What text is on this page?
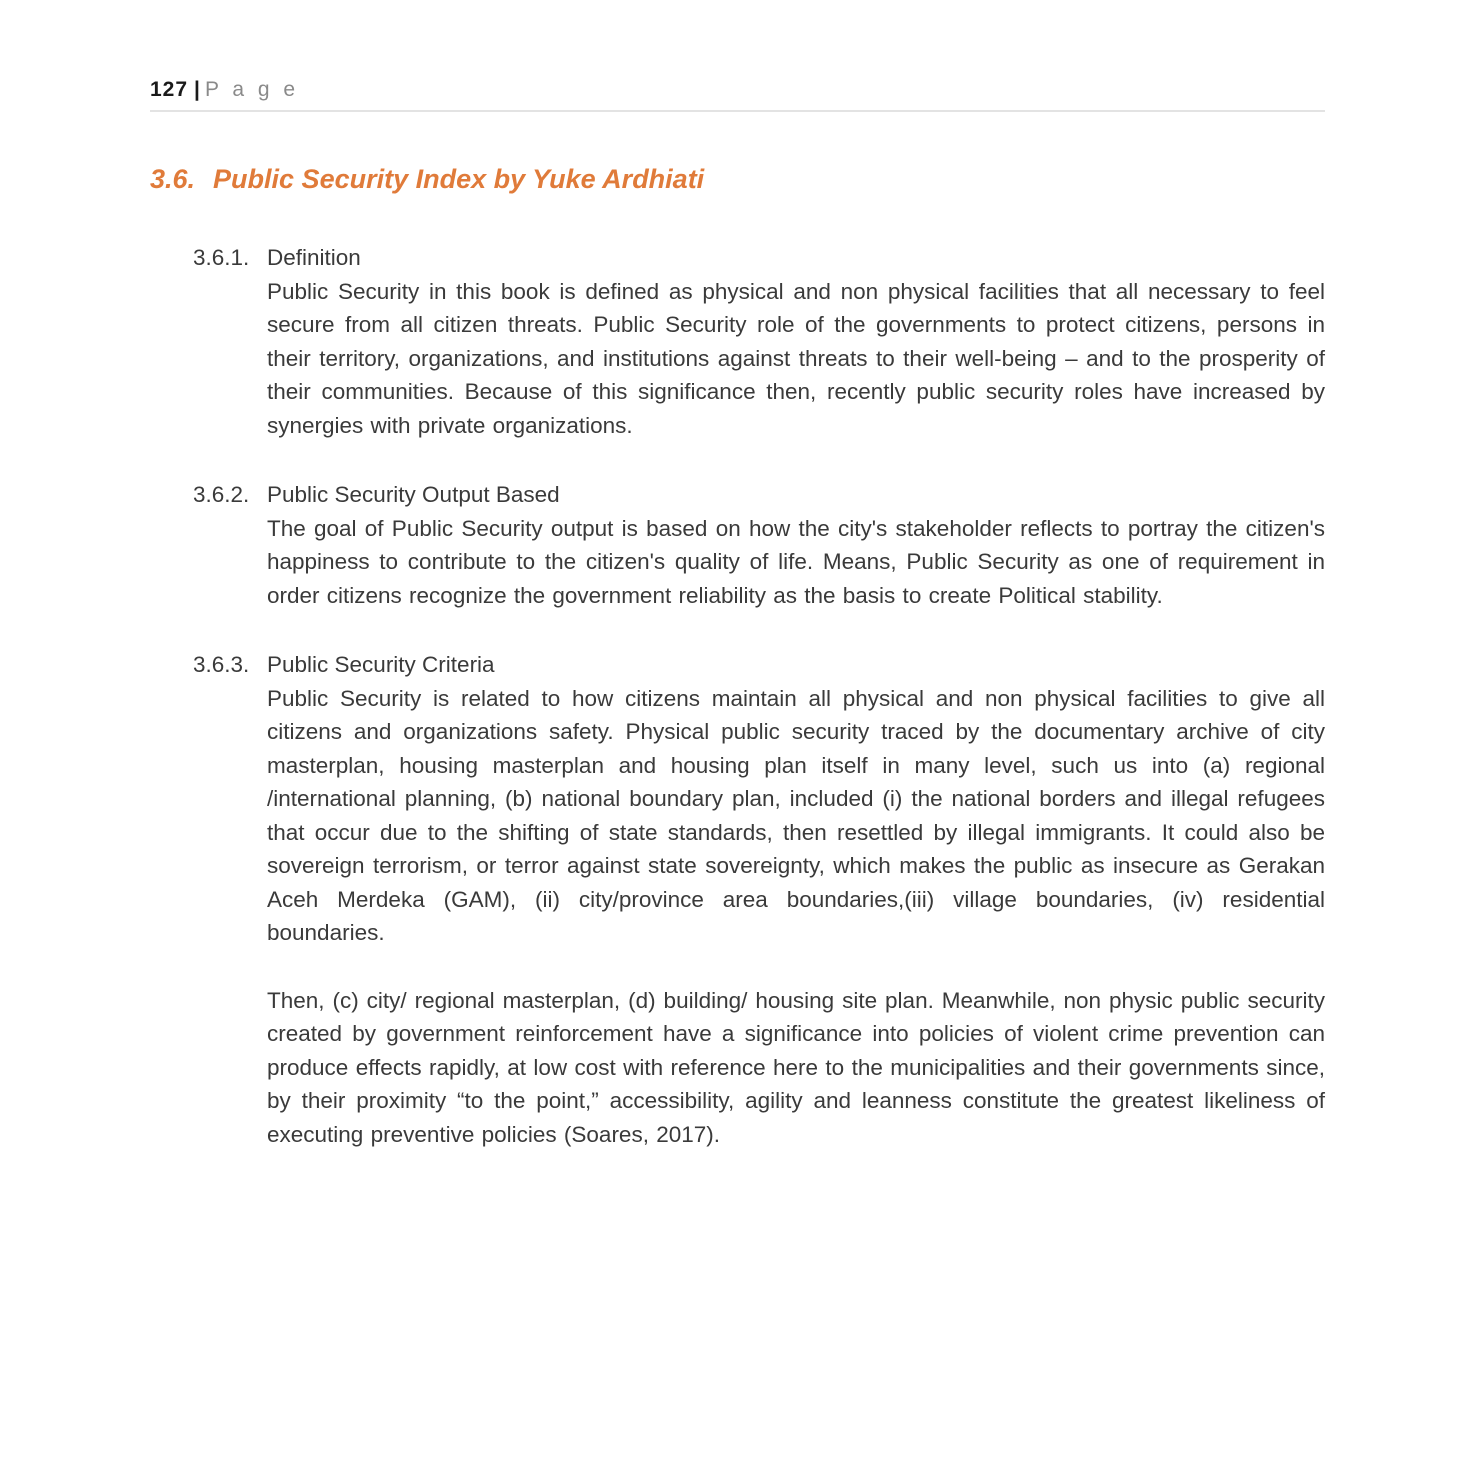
127 | P a g e
3.6. Public Security Index by Yuke Ardhiati
3.6.1. Definition

Public Security in this book is defined as physical and non physical facilities that all necessary to feel secure from all citizen threats. Public Security role of the governments to protect citizens, persons in their territory, organizations, and institutions against threats to their well-being – and to the prosperity of their communities. Because of this significance then, recently public security roles have increased by synergies with private organizations.

3.6.2. Public Security Output Based

The goal of Public Security output is based on how the city's stakeholder reflects to portray the citizen's happiness to contribute to the citizen's quality of life. Means, Public Security as one of requirement in order citizens recognize the government reliability as the basis to create Political stability.

3.6.3. Public Security Criteria

Public Security is related to how citizens maintain all physical and non physical facilities to give all citizens and organizations safety. Physical public security traced by the documentary archive of city masterplan, housing masterplan and housing plan itself in many level, such us into (a) regional /international planning, (b) national boundary plan, included (i) the national borders and illegal refugees that occur due to the shifting of state standards, then resettled by illegal immigrants. It could also be sovereign terrorism, or terror against state sovereignty, which makes the public as insecure as Gerakan Aceh Merdeka (GAM), (ii) city/province area boundaries,(iii) village boundaries, (iv) residential boundaries.

Then, (c) city/ regional masterplan, (d) building/ housing site plan. Meanwhile, non physic public security created by government reinforcement have a significance into policies of violent crime prevention can produce effects rapidly, at low cost with reference here to the municipalities and their governments since, by their proximity “to the point,” accessibility, agility and leanness constitute the greatest likeliness of executing preventive policies (Soares, 2017).
